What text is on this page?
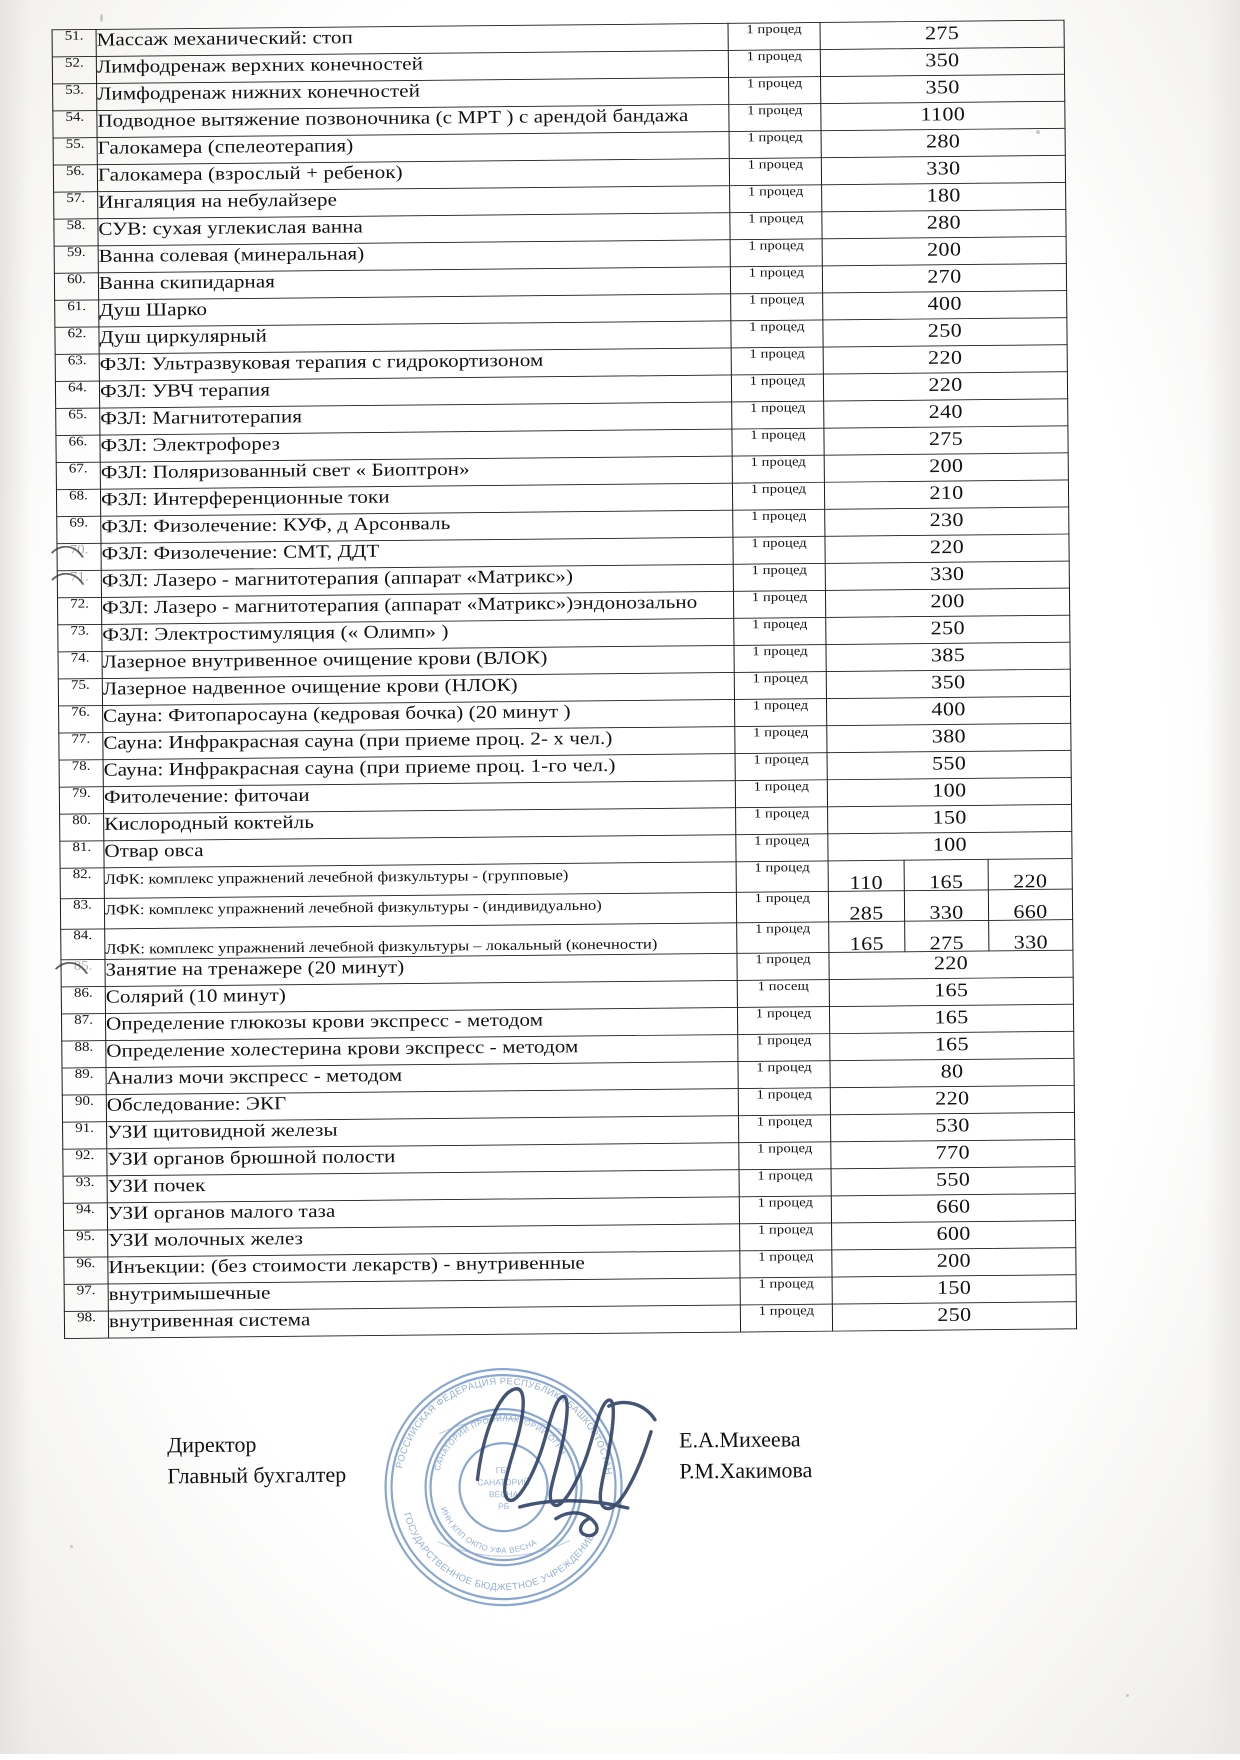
51.	Массаж механический: стоп	1 процед	275		

52.	Лимфодренаж верхних конечностей	1 процед	350		

53.	Лимфодренаж нижних конечностей	1 процед	350		

54.	Подводное вытяжение позвоночника (с МРТ ) с арендой бандажа	1 процед	1100		

55.	Галокамера (спелеотерапия)	1 процед	280		

56.	Галокамера (взрослый + ребенок)	1 процед	330		

57.	Ингаляция на небулайзере	1 процед	180		

58.	СУВ: сухая углекислая ванна	1 процед	280		

59.	Ванна солевая (минеральная)	1 процед	200		

60.	Ванна скипидарная	1 процед	270		

61.	Душ Шарко	1 процед	400		

62.	Душ циркулярный	1 процед	250		

63.	ФЗЛ: Ультразвуковая терапия с гидрокортизоном	1 процед	220		

64.	ФЗЛ: УВЧ терапия	1 процед	220		

65.	ФЗЛ: Магнитотерапия	1 процед	240		

66.	ФЗЛ: Электрофорез	1 процед	275		

67.	ФЗЛ: Поляризованный свет « Биоптрон»	1 процед	200		

68.	ФЗЛ: Интерференционные токи	1 процед	210		

69.	ФЗЛ: Физолечение: КУФ, д Арсонваль	1 процед	230		

70.	ФЗЛ: Физолечение: СМТ, ДДТ	1 процед	220		

71.	ФЗЛ: Лазеро - магнитотерапия (аппарат «Матрикс»)	1 процед	330		

72.	ФЗЛ: Лазеро - магнитотерапия (аппарат «Матрикс»)эндонозально	1 процед	200		

73.	ФЗЛ: Электростимуляция (« Олимп» )	1 процед	250		

74.	Лазерное внутривенное очищение крови (ВЛОК)	1 процед	385		

75.	Лазерное надвенное очищение крови (НЛОК)	1 процед	350		

76.	Сауна: Фитопаросауна (кедровая бочка) (20 минут )	1 процед	400		

77.	Сауна: Инфракрасная сауна (при приеме проц. 2- х чел.)	1 процед	380		

78.	Сауна: Инфракрасная сауна (при приеме проц. 1-го чел.)	1 процед	550		

79.	Фитолечение: фиточаи	1 процед	100		

80.	Кислородный коктейль	1 процед	150		

81.	Отвар овса	1 процед	100		

82.	ЛФК: комплекс упражнений лечебной физкультуры - (групповые)	1 процед	110	165	220

83.	ЛФК: комплекс упражнений лечебной физкультуры - (индивидуально)	1 процед	285	330	660

84.	ЛФК: комплекс упражнений лечебной физкультуры – локальный (конечности)	1 процед	165	275	330

85.	Занятие на тренажере (20 минут)	1 процед	220		

86.	Солярий (10 минут)	1 посещ	165		

87.	Определение глюкозы крови экспресс - методом	1 процед	165		

88.	Определение холестерина крови экспресс - методом	1 процед	165		

89.	Анализ мочи экспресс - методом	1 процед	80		

90.	Обследование: ЭКГ	1 процед	220		

91.	УЗИ щитовидной железы	1 процед	530		

92.	УЗИ органов брюшной полости	1 процед	770		

93.	УЗИ почек	1 процед	550		

94.	УЗИ органов малого таза	1 процед	660		

95.	УЗИ молочных желез	1 процед	600		

96.	Инъекции: (без стоимости лекарств) - внутривенные	1 процед	200		

97.	внутримышечные	1 процед	150		

98.	внутривенная система	1 процед	250		
Директор
Главный бухгалтер
Е.А.Михеева
Р.М.Хакимова
РОССИЙСКАЯ ФЕДЕРАЦИЯ РЕСПУБЛИКА БАШКОРТОСТАН
ГОСУДАРСТВЕННОЕ БЮДЖЕТНОЕ УЧРЕЖДЕНИЕ
САНАТОРИЙ ПРОФИЛАКТОРИЙ ОГРН
ИНН КПП ОКПО УФА ВЕСНА
ГБУ
САНАТОРИЙ
ВЕСНА
РБ
